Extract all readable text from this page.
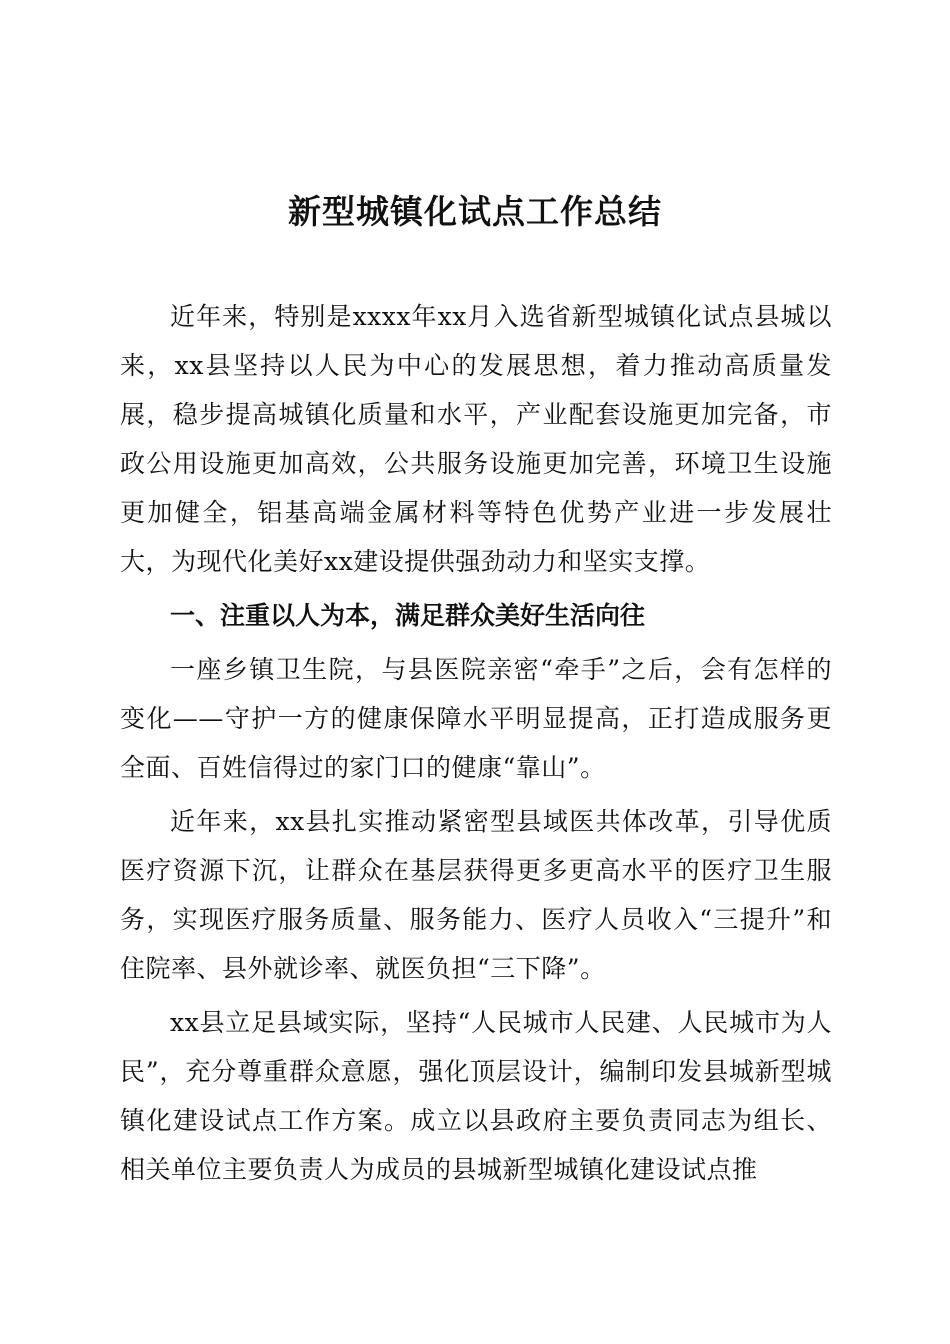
新型城镇化试点工作总结

近年来，特别是xxxx年xx月入选省新型城镇化试点县城以来，xx县坚持以人民为中心的发展思想，着力推动高质量发展，稳步提高城镇化质量和水平，产业配套设施更加完备，市政公用设施更加高效，公共服务设施更加完善，环境卫生设施更加健全，铝基高端金属材料等特色优势产业进一步发展壮大，为现代化美好xx建设提供强劲动力和坚实支撑。

一、注重以人为本，满足群众美好生活向往

一座乡镇卫生院，与县医院亲密“牵手”之后，会有怎样的变化——守护一方的健康保障水平明显提高，正打造成服务更全面、百姓信得过的家门口的健康“靠山”。

近年来，xx县扎实推动紧密型县域医共体改革，引导优质医疗资源下沉，让群众在基层获得更多更高水平的医疗卫生服务，实现医疗服务质量、服务能力、医疗人员收入“三提升”和住院率、县外就诊率、就医负担“三下降”。

xx县立足县域实际，坚持“人民城市人民建、人民城市为人民”，充分尊重群众意愿，强化顶层设计，编制印发县城新型城镇化建设试点工作方案。成立以县政府主要负责同志为组长、相关单位主要负责人为成员的县城新型城镇化建设试点推
